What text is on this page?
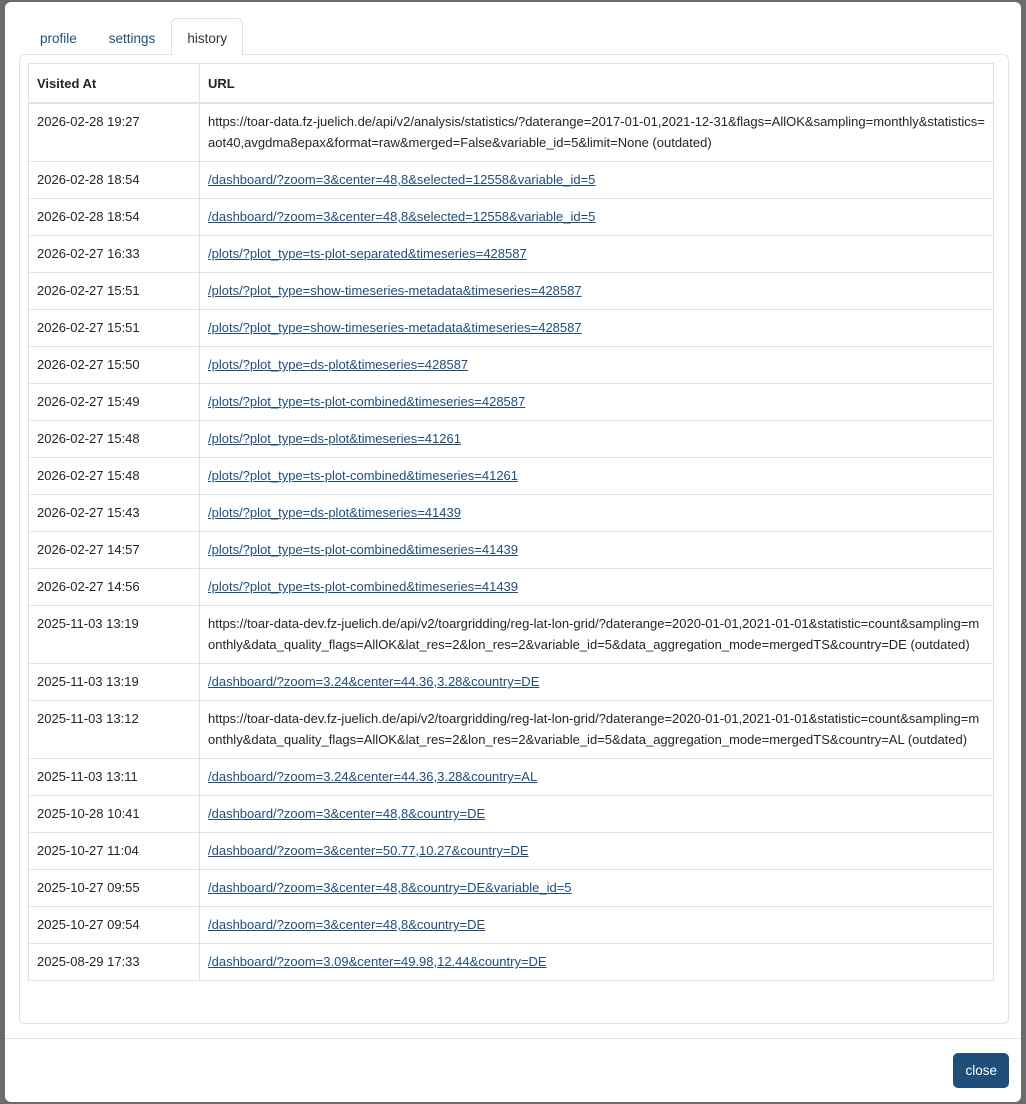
profile	settings	history
Visited At	URL
2026-02-28 19:27	https://toar-data.fz-juelich.de/api/v2/analysis/statistics/?daterange=2017-01-01,2021-12-31&flags=AllOK&sampling=monthly&statistics=aot40,avgdma8epax&format=raw&merged=False&variable_id=5&limit=None (outdated)
2026-02-28 18:54	/dashboard/?zoom=3&center=48,8&selected=12558&variable_id=5
2026-02-28 18:54	/dashboard/?zoom=3&center=48,8&selected=12558&variable_id=5
2026-02-27 16:33	/plots/?plot_type=ts-plot-separated&timeseries=428587
2026-02-27 15:51	/plots/?plot_type=show-timeseries-metadata&timeseries=428587
2026-02-27 15:51	/plots/?plot_type=show-timeseries-metadata&timeseries=428587
2026-02-27 15:50	/plots/?plot_type=ds-plot&timeseries=428587
2026-02-27 15:49	/plots/?plot_type=ts-plot-combined&timeseries=428587
2026-02-27 15:48	/plots/?plot_type=ds-plot&timeseries=41261
2026-02-27 15:48	/plots/?plot_type=ts-plot-combined&timeseries=41261
2026-02-27 15:43	/plots/?plot_type=ds-plot&timeseries=41439
2026-02-27 14:57	/plots/?plot_type=ts-plot-combined&timeseries=41439
2026-02-27 14:56	/plots/?plot_type=ts-plot-combined&timeseries=41439
2025-11-03 13:19	https://toar-data-dev.fz-juelich.de/api/v2/toargridding/reg-lat-lon-grid/?daterange=2020-01-01,2021-01-01&statistic=count&sampling=monthly&data_quality_flags=AllOK&lat_res=2&lon_res=2&variable_id=5&data_aggregation_mode=mergedTS&country=DE (outdated)
2025-11-03 13:19	/dashboard/?zoom=3.24&center=44.36,3.28&country=DE
2025-11-03 13:12	https://toar-data-dev.fz-juelich.de/api/v2/toargridding/reg-lat-lon-grid/?daterange=2020-01-01,2021-01-01&statistic=count&sampling=monthly&data_quality_flags=AllOK&lat_res=2&lon_res=2&variable_id=5&data_aggregation_mode=mergedTS&country=AL (outdated)
2025-11-03 13:11	/dashboard/?zoom=3.24&center=44.36,3.28&country=AL
2025-10-28 10:41	/dashboard/?zoom=3&center=48,8&country=DE
2025-10-27 11:04	/dashboard/?zoom=3&center=50.77,10.27&country=DE
2025-10-27 09:55	/dashboard/?zoom=3&center=48,8&country=DE&variable_id=5
2025-10-27 09:54	/dashboard/?zoom=3&center=48,8&country=DE
2025-08-29 17:33	/dashboard/?zoom=3.09&center=49.98,12.44&country=DE
close
